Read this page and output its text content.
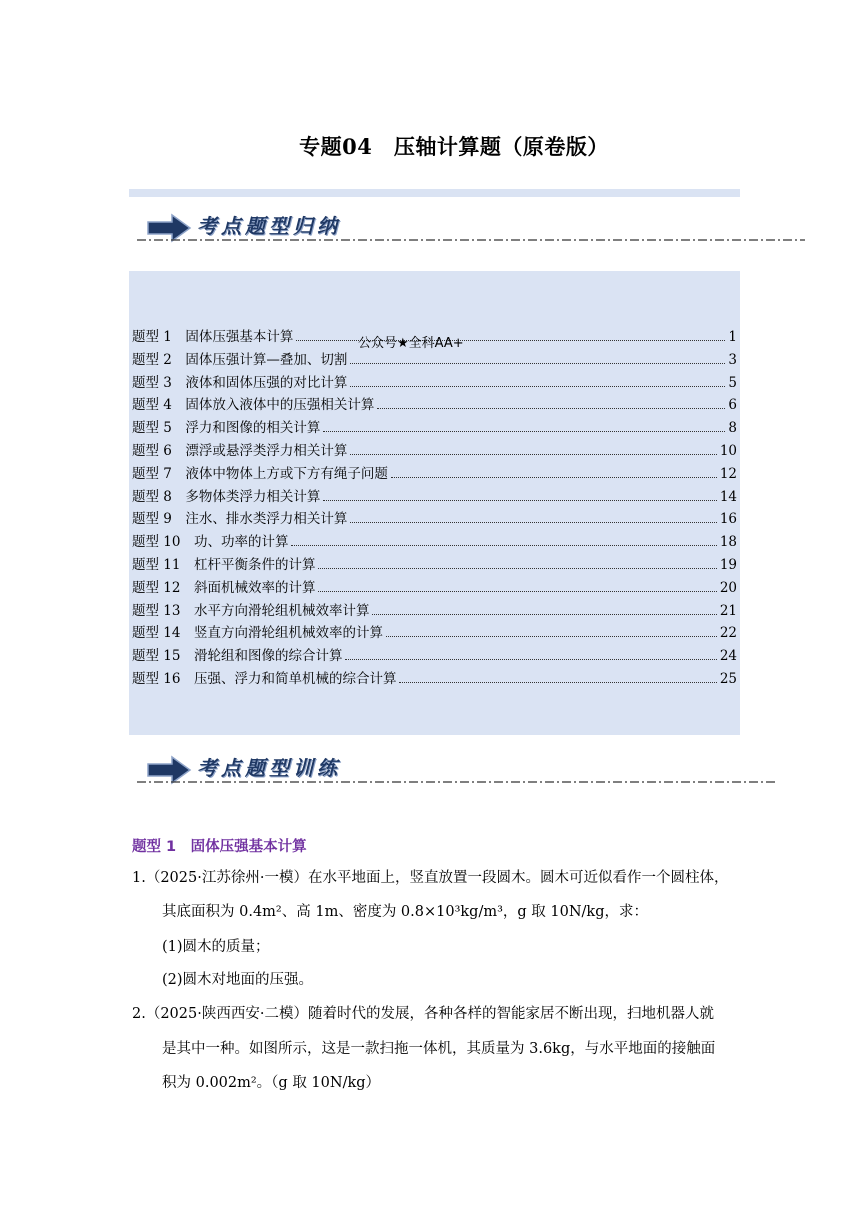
专题04　压轴计算题（原卷版）
考点题型归纳
题型 1　固体压强基本计算	1
题型 2　固体压强计算—叠加、切割	3
题型 3　液体和固体压强的对比计算	5
题型 4　固体放入液体中的压强相关计算	6
题型 5　浮力和图像的相关计算	8
题型 6　漂浮或悬浮类浮力相关计算	10
题型 7　液体中物体上方或下方有绳子问题	12
题型 8　多物体类浮力相关计算	14
题型 9　注水、排水类浮力相关计算	16
题型 10　功、功率的计算	18
题型 11　杠杆平衡条件的计算	19
题型 12　斜面机械效率的计算	20
题型 13　水平方向滑轮组机械效率计算	21
题型 14　竖直方向滑轮组机械效率的计算	22
题型 15　滑轮组和图像的综合计算	24
题型 16　压强、浮力和简单机械的综合计算	25
公众号★全科AA+
考点题型训练
题型 1　固体压强基本计算
1.（2025·江苏徐州·一模）在水平地面上，竖直放置一段圆木。圆木可近似看作一个圆柱体，
其底面积为 0.4m²、高 1m、密度为 0.8×10³kg/m³，g 取 10N/kg，求：
(1)圆木的质量；
(2)圆木对地面的压强。
2.（2025·陕西西安·二模）随着时代的发展，各种各样的智能家居不断出现，扫地机器人就
是其中一种。如图所示，这是一款扫拖一体机，其质量为 3.6kg，与水平地面的接触面
积为 0.002m²。（g 取 10N/kg）
